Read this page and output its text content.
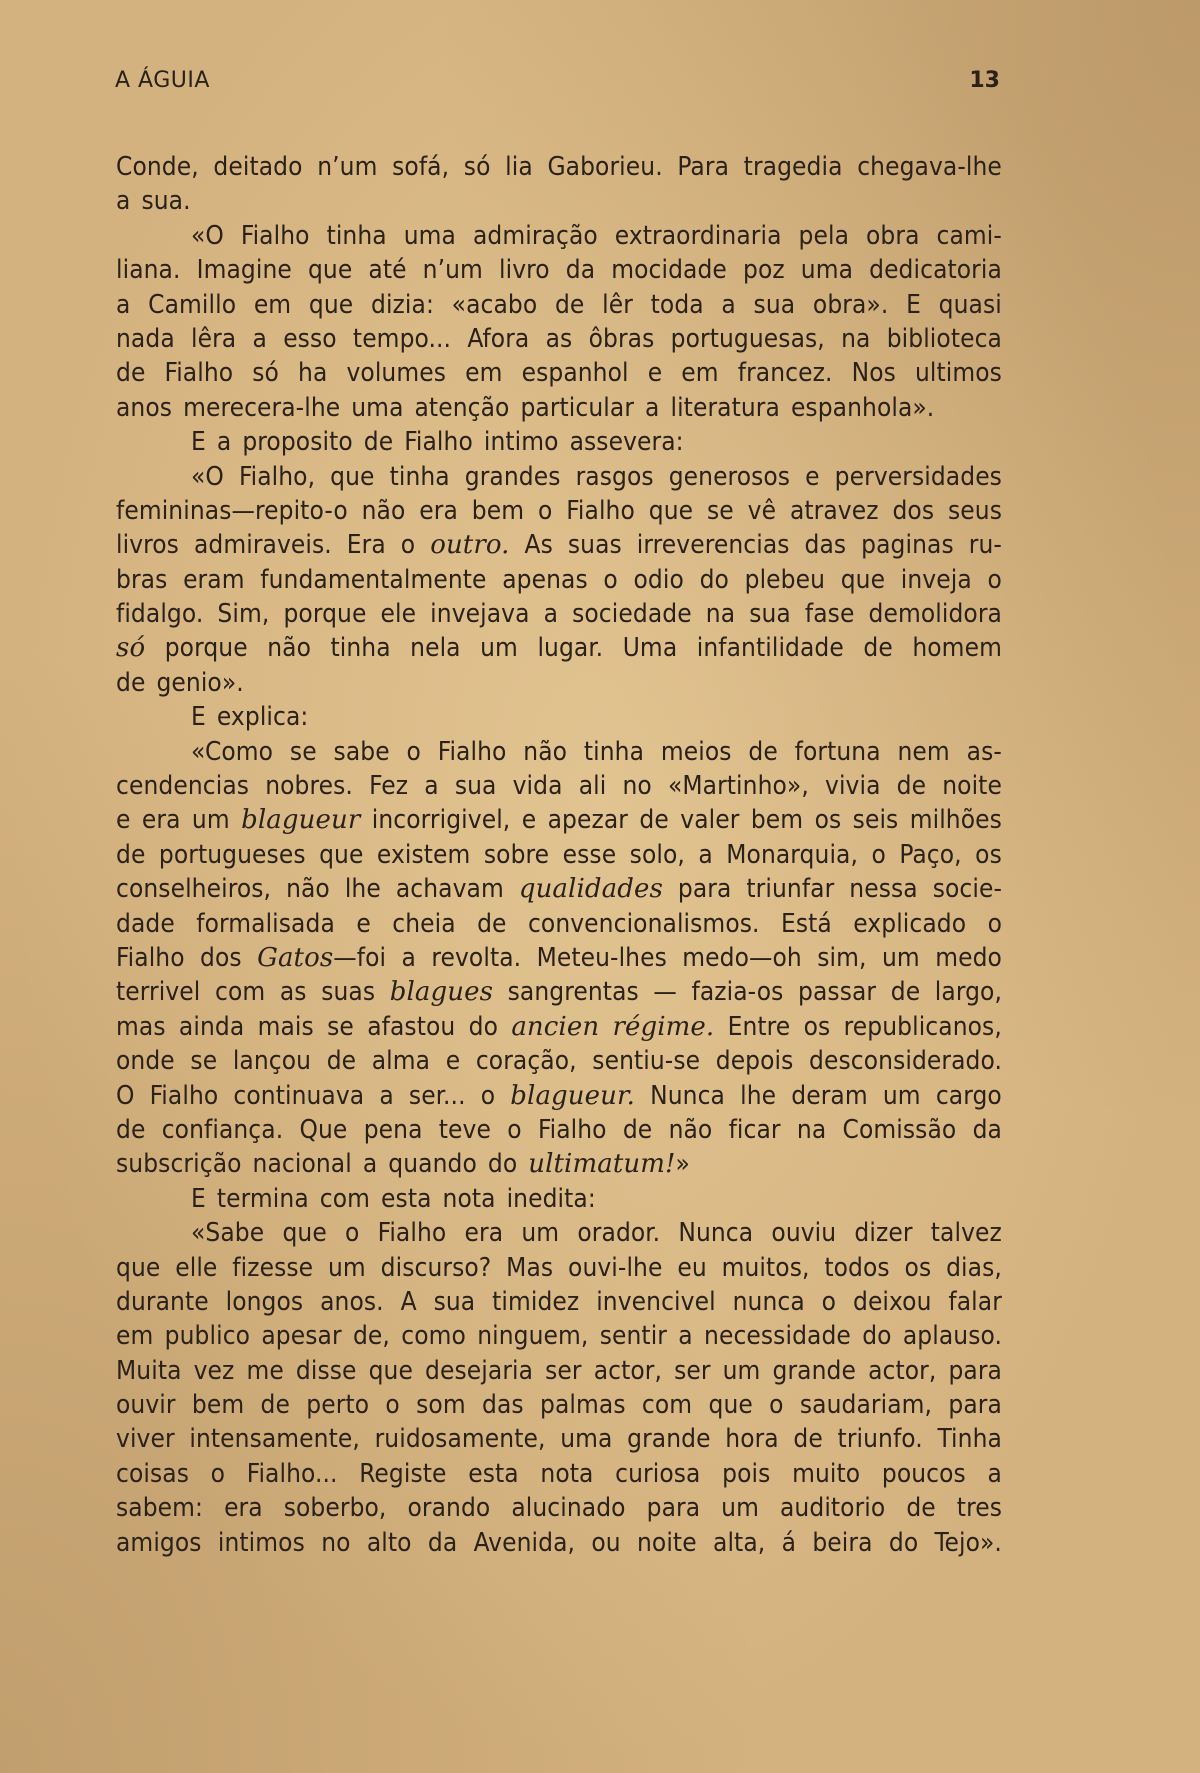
A ÁGUIA	13
Conde, deitado n’um sofá, só lia Gaborieu. Para tragedia chegava-lhe
a sua.
«O Fialho tinha uma admiração extraordinaria pela obra cami-
liana. Imagine que até n’um livro da mocidade poz uma dedicatoria
a Camillo em que dizia: «acabo de lêr toda a sua obra». E quasi
nada lêra a esso tempo... Afora as ôbras portuguesas, na biblioteca
de Fialho só ha volumes em espanhol e em francez. Nos ultimos
anos merecera-lhe uma atenção particular a literatura espanhola».
E a proposito de Fialho intimo assevera:
«O Fialho, que tinha grandes rasgos generosos e perversidades
femininas—repito-o não era bem o Fialho que se vê atravez dos seus
livros admiraveis. Era o outro. As suas irreverencias das paginas ru-
bras eram fundamentalmente apenas o odio do plebeu que inveja o
fidalgo. Sim, porque ele invejava a sociedade na sua fase demolidora
só porque não tinha nela um lugar. Uma infantilidade de homem
de genio».
E explica:
«Como se sabe o Fialho não tinha meios de fortuna nem as-
cendencias nobres. Fez a sua vida ali no «Martinho», vivia de noite
e era um blagueur incorrigivel, e apezar de valer bem os seis milhões
de portugueses que existem sobre esse solo, a Monarquia, o Paço, os
conselheiros, não lhe achavam qualidades para triunfar nessa socie-
dade formalisada e cheia de convencionalismos. Está explicado o
Fialho dos Gatos—foi a revolta. Meteu-lhes medo—oh sim, um medo
terrivel com as suas blagues sangrentas — fazia-os passar de largo,
mas ainda mais se afastou do ancien régime. Entre os republicanos,
onde se lançou de alma e coração, sentiu-se depois desconsiderado.
O Fialho continuava a ser... o blagueur. Nunca lhe deram um cargo
de confiança. Que pena teve o Fialho de não ficar na Comissão da
subscrição nacional a quando do ultimatum!»
E termina com esta nota inedita:
«Sabe que o Fialho era um orador. Nunca ouviu dizer talvez
que elle fizesse um discurso? Mas ouvi-lhe eu muitos, todos os dias,
durante longos anos. A sua timidez invencivel nunca o deixou falar
em publico apesar de, como ninguem, sentir a necessidade do aplauso.
Muita vez me disse que desejaria ser actor, ser um grande actor, para
ouvir bem de perto o som das palmas com que o saudariam, para
viver intensamente, ruidosamente, uma grande hora de triunfo. Tinha
coisas o Fialho... Registe esta nota curiosa pois muito poucos a
sabem: era soberbo, orando alucinado para um auditorio de tres
amigos intimos no alto da Avenida, ou noite alta, á beira do Tejo».
